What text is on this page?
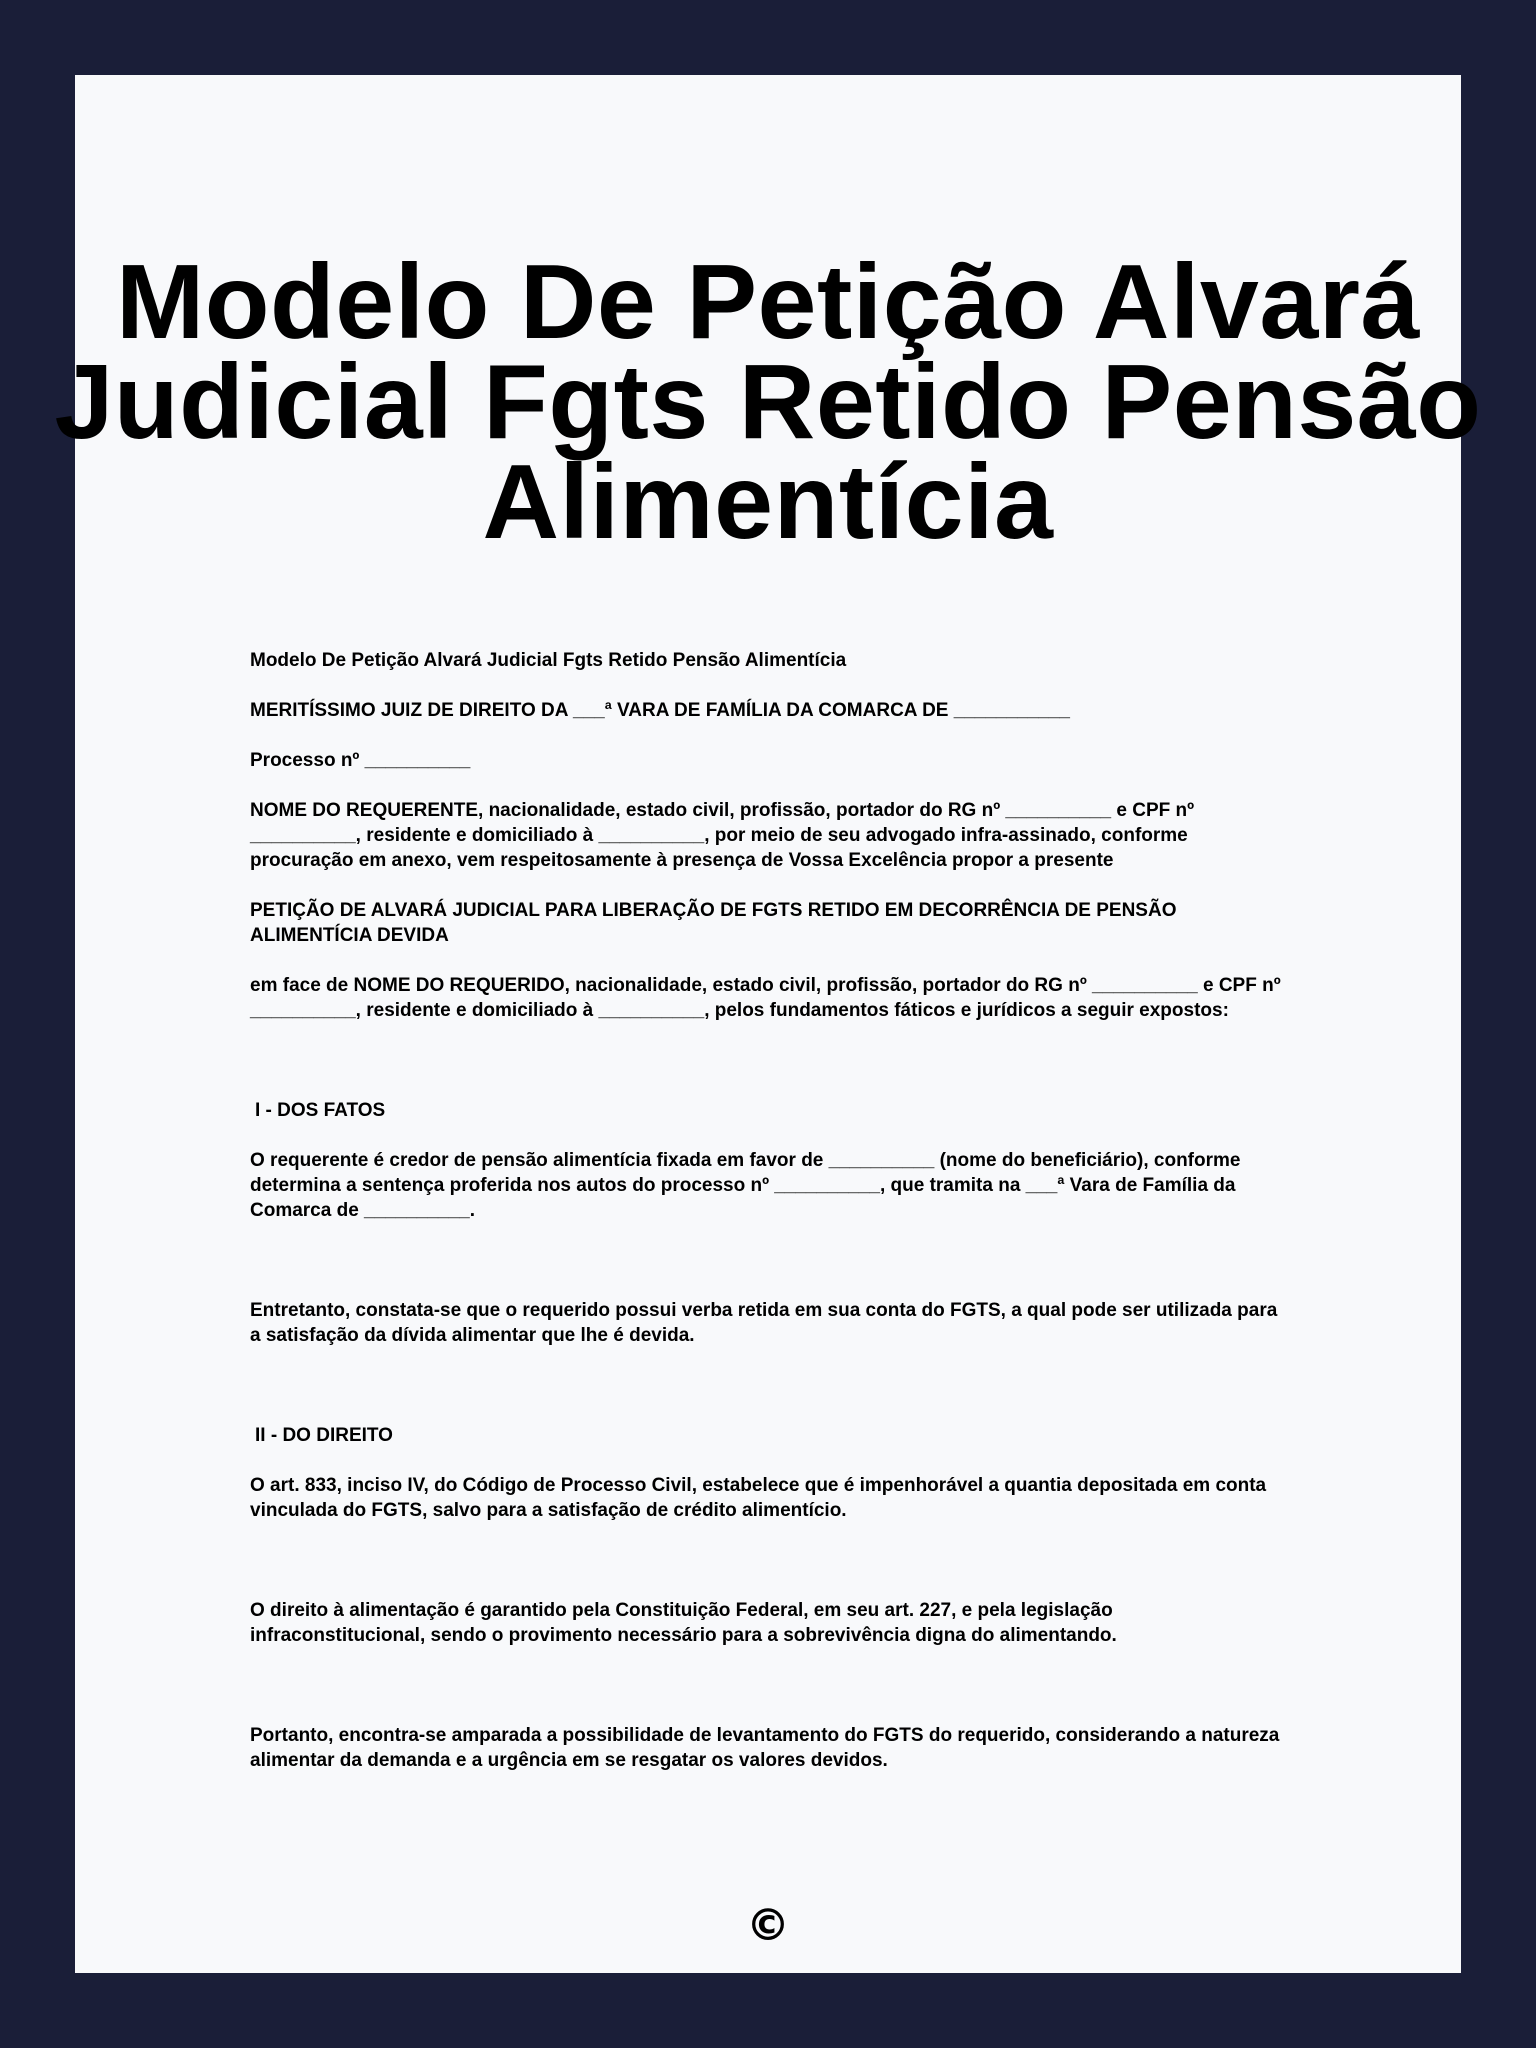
Modelo De Petição Alvará Judicial Fgts Retido Pensão Alimentícia

Modelo De Petição Alvará Judicial Fgts Retido Pensão Alimentícia

MERITÍSSIMO JUIZ DE DIREITO DA ___ª VARA DE FAMÍLIA DA COMARCA DE ___________

Processo nº __________

NOME DO REQUERENTE, nacionalidade, estado civil, profissão, portador do RG nº __________ e CPF nº __________, residente e domiciliado à __________, por meio de seu advogado infra-assinado, conforme procuração em anexo, vem respeitosamente à presença de Vossa Excelência propor a presente

PETIÇÃO DE ALVARÁ JUDICIAL PARA LIBERAÇÃO DE FGTS RETIDO EM DECORRÊNCIA DE PENSÃO ALIMENTÍCIA DEVIDA

em face de NOME DO REQUERIDO, nacionalidade, estado civil, profissão, portador do RG nº __________ e CPF nº __________, residente e domiciliado à __________, pelos fundamentos fáticos e jurídicos a seguir expostos:

I - DOS FATOS

O requerente é credor de pensão alimentícia fixada em favor de __________ (nome do beneficiário), conforme determina a sentença proferida nos autos do processo nº __________, que tramita na ___ª Vara de Família da Comarca de __________.

Entretanto, constata-se que o requerido possui verba retida em sua conta do FGTS, a qual pode ser utilizada para a satisfação da dívida alimentar que lhe é devida.

II - DO DIREITO

O art. 833, inciso IV, do Código de Processo Civil, estabelece que é impenhorável a quantia depositada em conta vinculada do FGTS, salvo para a satisfação de crédito alimentício.

O direito à alimentação é garantido pela Constituição Federal, em seu art. 227, e pela legislação infraconstitucional, sendo o provimento necessário para a sobrevivência digna do alimentando.

Portanto, encontra-se amparada a possibilidade de levantamento do FGTS do requerido, considerando a natureza alimentar da demanda e a urgência em se resgatar os valores devidos.

©
